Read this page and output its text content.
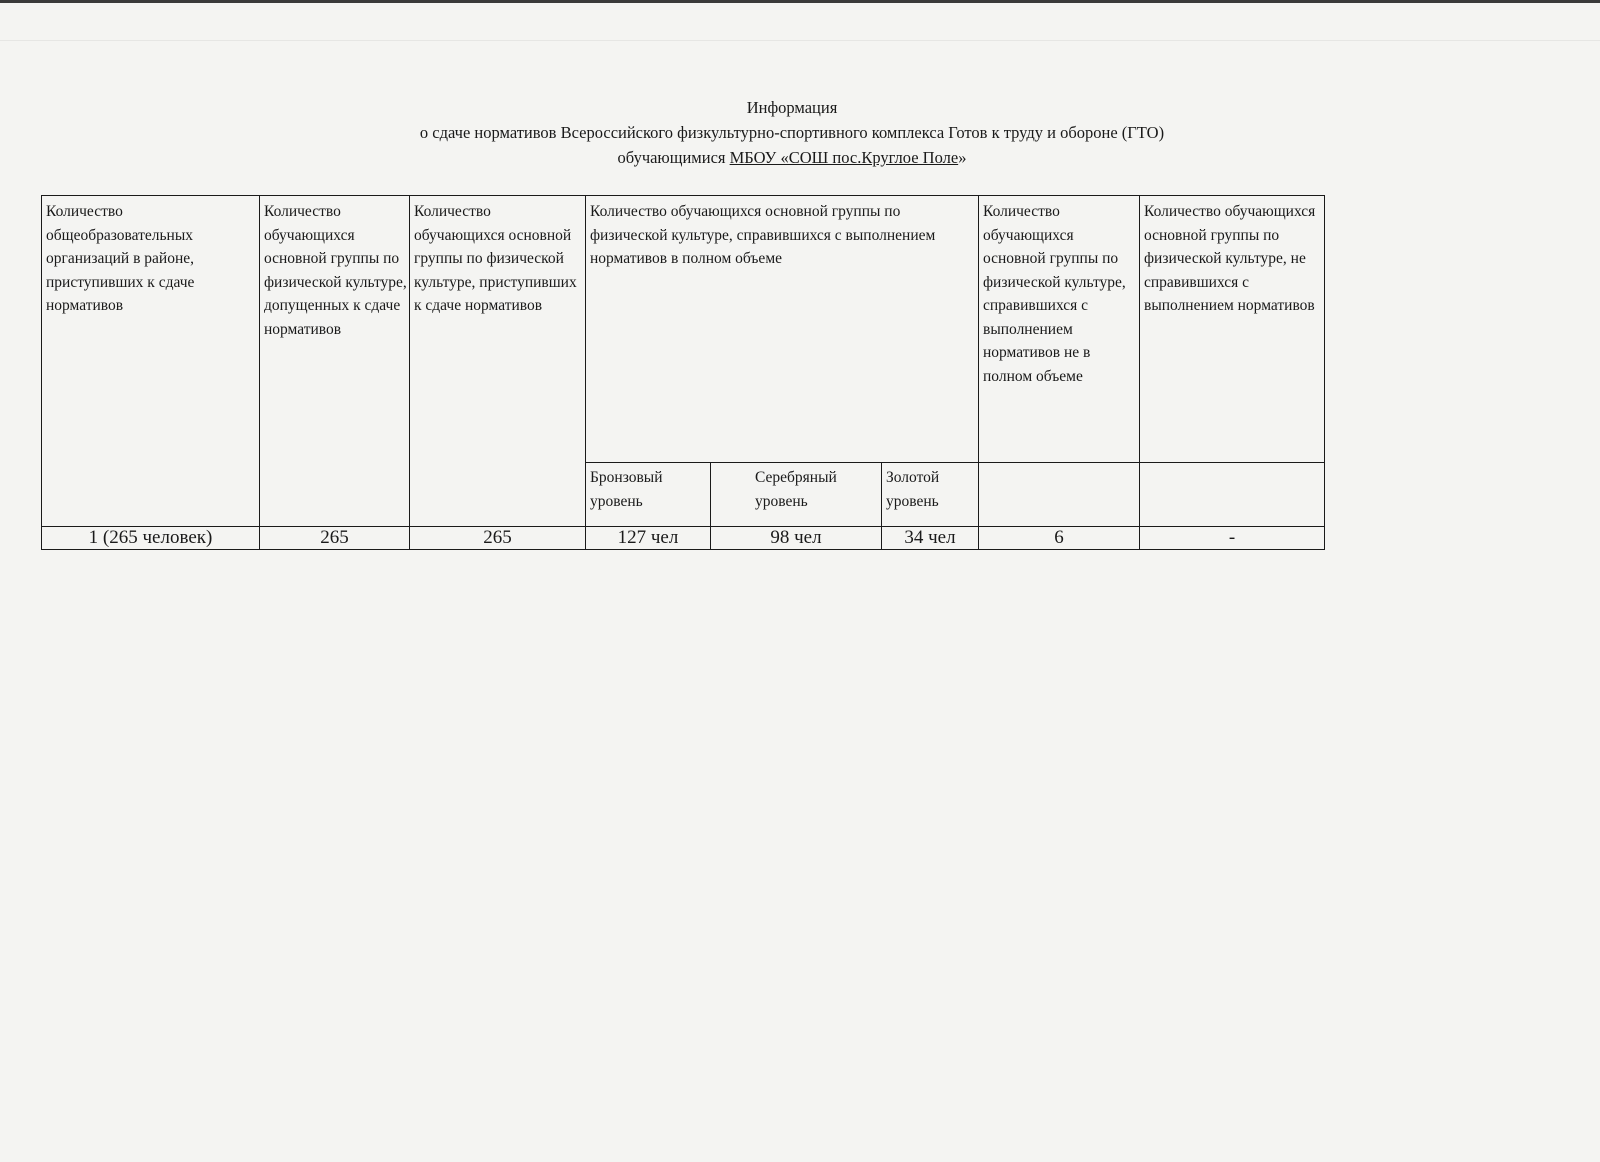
Информация
о сдаче нормативов Всероссийского физкультурно-спортивного комплекса Готов к труду и обороне (ГТО)
обучающимися МБОУ «СОШ пос.Круглое Поле»
Количество общеобразовательных организаций в районе, приступивших к сдаче нормативов	Количество обучающихся основной группы по физической культуре, допущенных к сдаче нормативов	Количество обучающихся основной группы по физической культуре, приступивших к сдаче нормативов	Количество обучающихся основной группы по физической культуре, справившихся с выполнением нормативов в полном объеме			Количество обучающихся основной группы по физической культуре, справившихся с выполнением нормативов не в полном объеме	Количество обучающихся основной группы по физической культуре, не справившихся с выполнением нормативов
			Бронзовый уровень	Серебряный уровень	Золотой уровень		
1 (265 человек)	265	265	127 чел	98 чел	34 чел	6	-
